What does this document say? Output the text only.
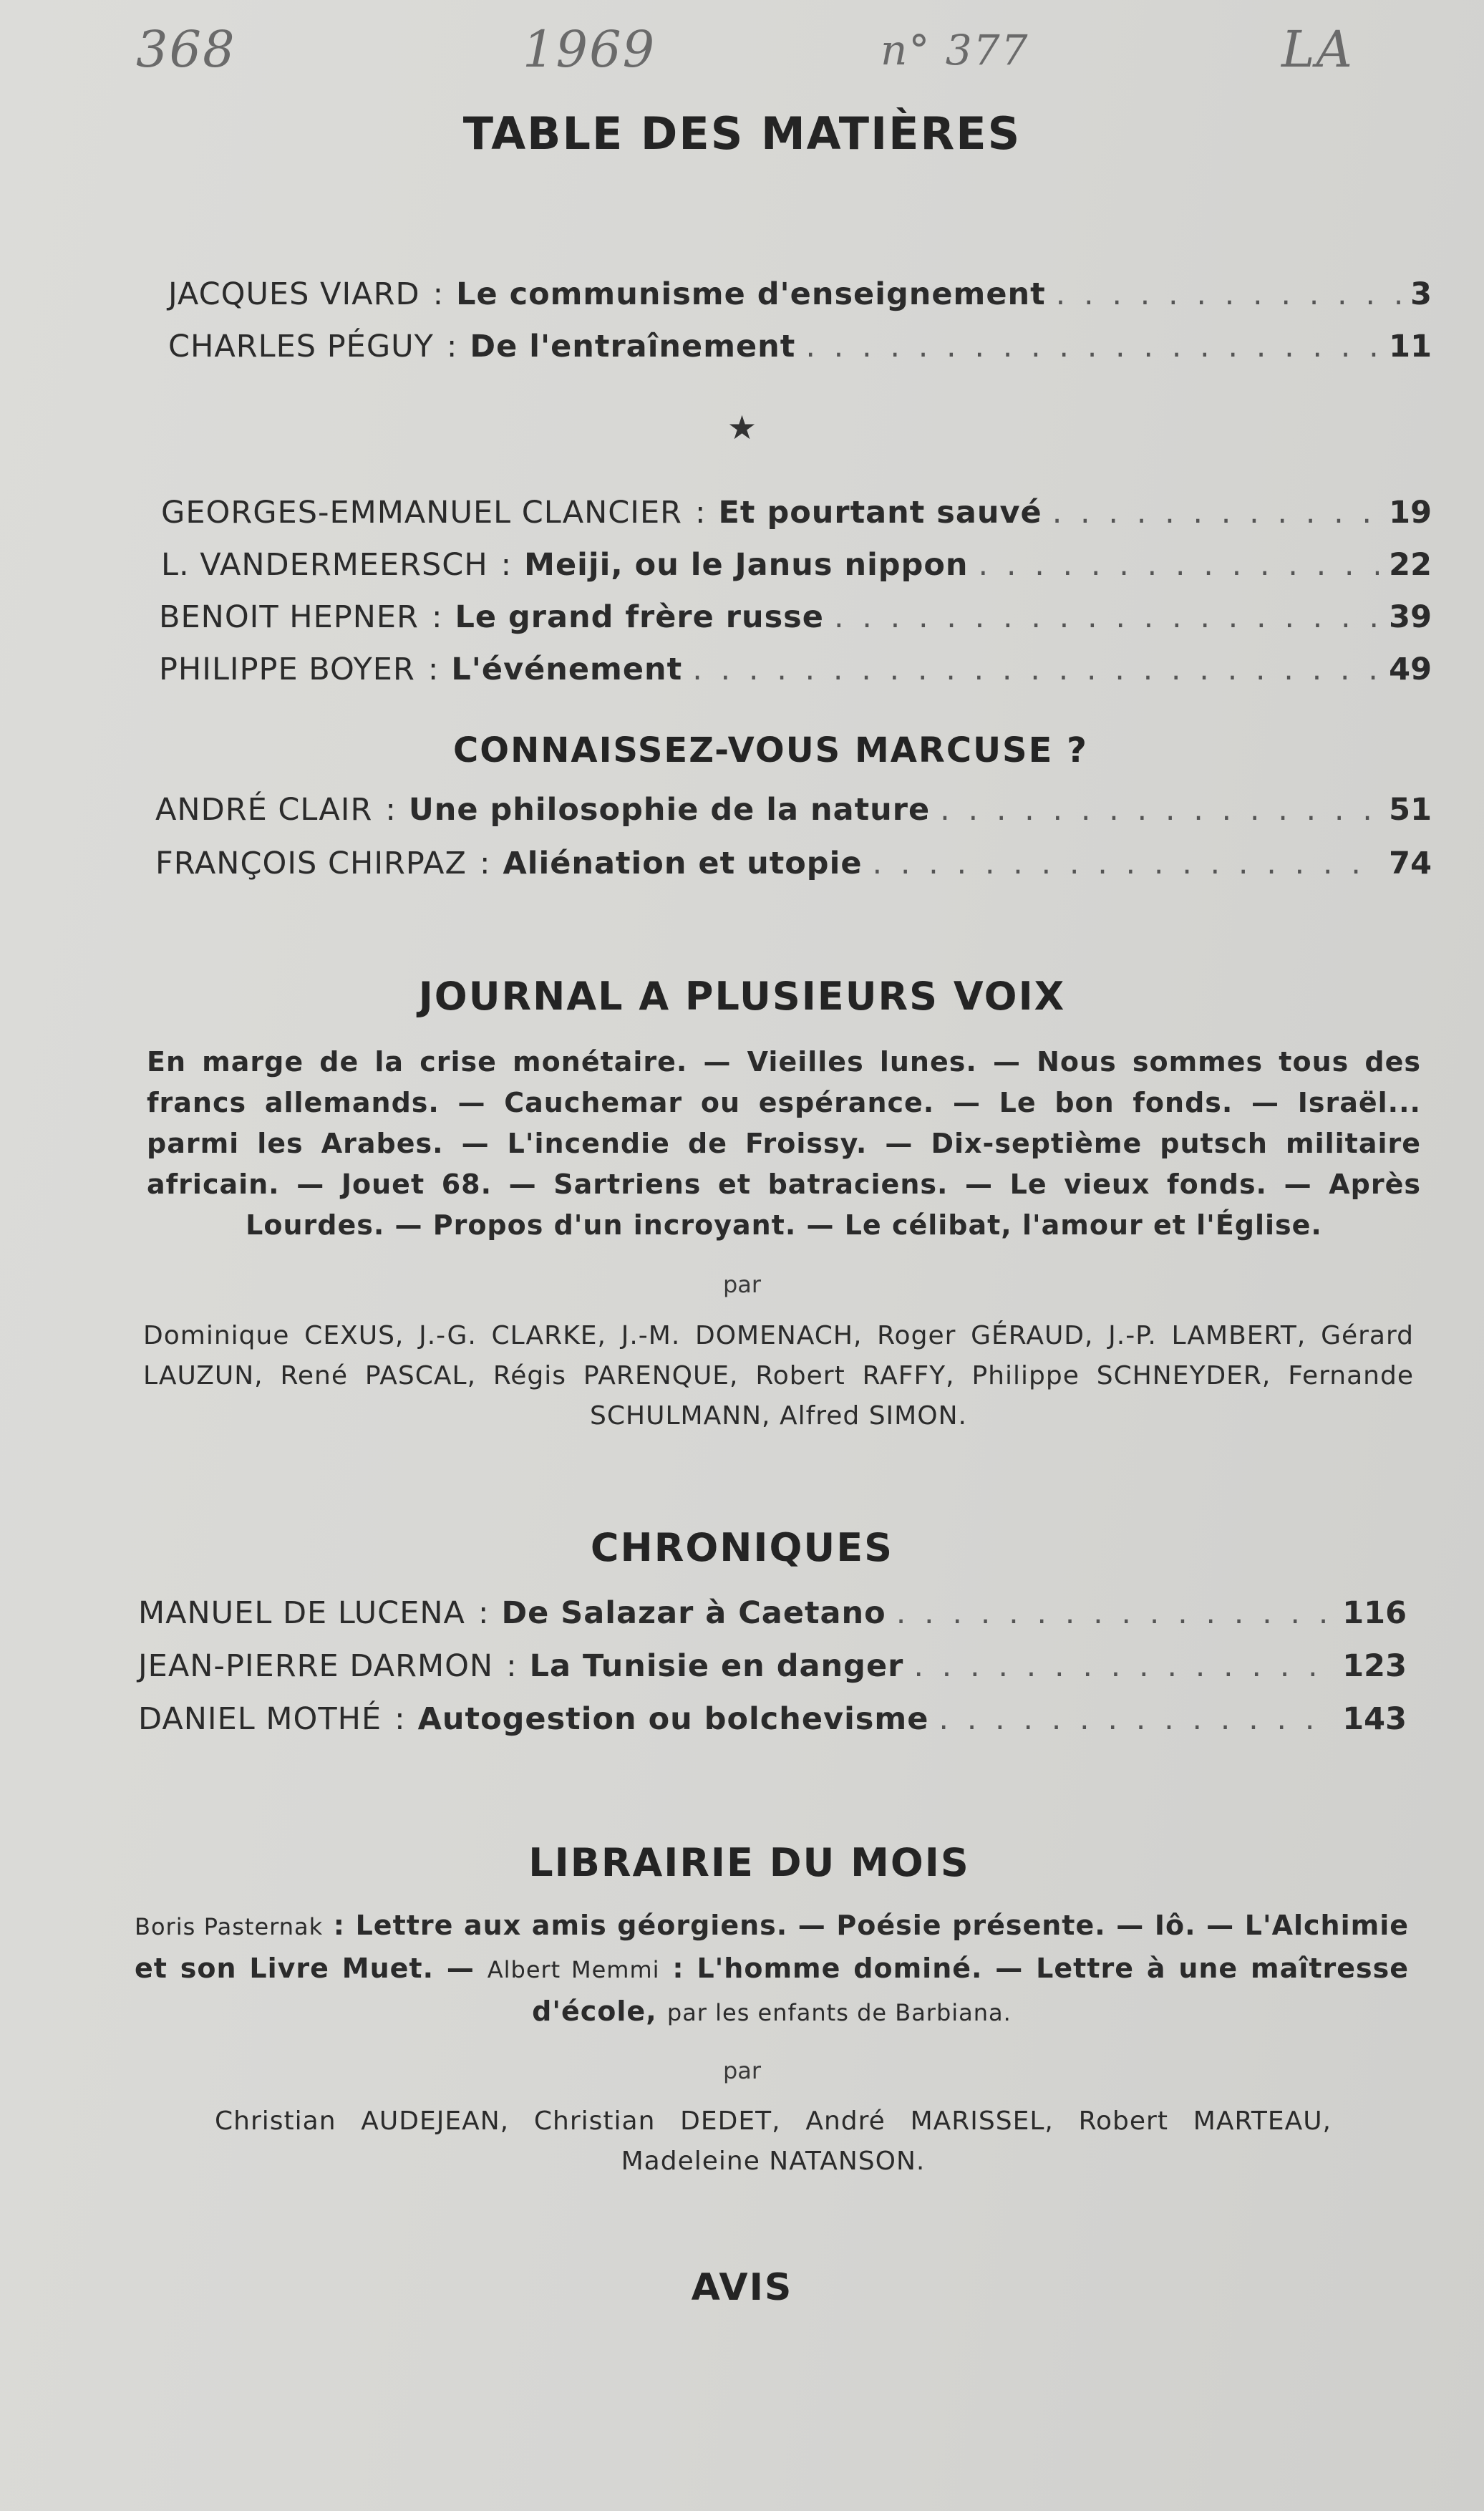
368	1969	n° 377	LA
TABLE DES MATIÈRES
JACQUES VIARD : Le communisme d'enseignement . . .	3
CHARLES PÉGUY : De l'entraînement . . .	11
★
GEORGES-EMMANUEL CLANCIER : Et pourtant sauvé . . .	19
L. VANDERMEERSCH : Meiji, ou le Janus nippon . . .	22
BENOIT HEPNER : Le grand frère russe . . .	39
PHILIPPE BOYER : L'événement . . .	49
CONNAISSEZ-VOUS MARCUSE ?
ANDRÉ CLAIR : Une philosophie de la nature . . .	51
FRANÇOIS CHIRPAZ : Aliénation et utopie . . .	74
JOURNAL A PLUSIEURS VOIX
En marge de la crise monétaire. — Vieilles lunes. — Nous sommes tous des francs allemands. — Cauchemar ou espérance. — Le bon fonds. — Israël... parmi les Arabes. — L'incendie de Froissy. — Dix-septième putsch militaire africain. — Jouet 68. — Sartriens et batraciens. — Le vieux fonds. — Après Lourdes. — Propos d'un incroyant. — Le célibat, l'amour et l'Église.
par
Dominique CEXUS, J.-G. CLARKE, J.-M. DOMENACH, Roger GÉRAUD, J.-P. LAMBERT, Gérard LAUZUN, René PASCAL, Régis PARENQUE, Robert RAFFY, Philippe SCHNEYDER, Fernande SCHULMANN, Alfred SIMON.
CHRONIQUES
MANUEL DE LUCENA : De Salazar à Caetano . . .	116
JEAN-PIERRE DARMON : La Tunisie en danger . . .	123
DANIEL MOTHÉ : Autogestion ou bolchevisme . . .	143
LIBRAIRIE DU MOIS
Boris Pasternak : Lettre aux amis géorgiens. — Poésie présente. — Iô. — L'Alchimie et son Livre Muet. — Albert Memmi : L'homme dominé. — Lettre à une maîtresse d'école, par les enfants de Barbiana.
par
Christian AUDEJEAN, Christian DEDET, André MARISSEL, Robert MARTEAU, Madeleine NATANSON.
AVIS
